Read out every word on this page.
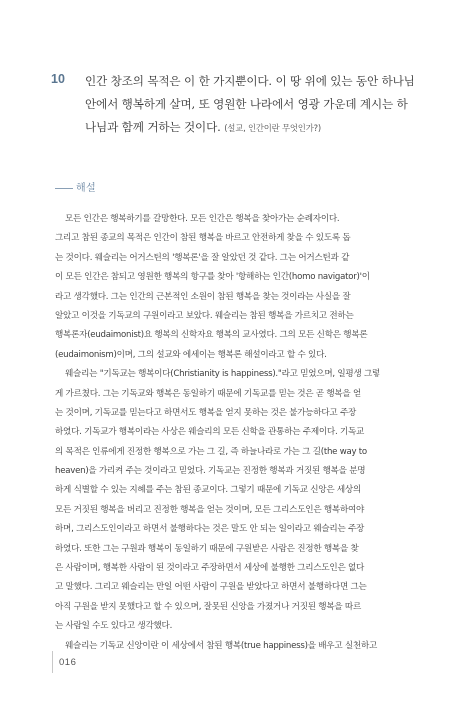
10 인간 창조의 목적은 이 한 가지뿐이다. 이 땅 위에 있는 동안 하나님
안에서 행복하게 살며, 또 영원한 나라에서 영광 가운데 계시는 하
나님과 함께 거하는 것이다. (설교, 인간이란 무엇인가?)
해설
모든 인간은 행복하기를 갈망한다. 모든 인간은 행복을 찾아가는 순례자이다.
그리고 참된 종교의 목적은 인간이 참된 행복을 바르고 안전하게 찾을 수 있도록 돕
는 것이다. 웨슬리는 어거스틴의 '행복론'을 잘 알았던 것 같다. 그는 어거스틴과 같
이 모든 인간은 참되고 영원한 행복의 항구를 찾아 '항해하는 인간(homo navigator)'이
라고 생각했다. 그는 인간의 근본적인 소원이 참된 행복을 찾는 것이라는 사실을 잘
알았고 이것을 기독교의 구원이라고 보았다. 웨슬리는 참된 행복을 가르치고 전하는
행복론자(eudaimonist)요 행복의 신학자요 행복의 교사였다. 그의 모든 신학은 행복론
(eudaimonism)이며, 그의 설교와 에세이는 행복론 해설이라고 할 수 있다.
웨슬리는 "기독교는 행복이다(Christianity is happiness)."라고 믿었으며, 일평생 그렇
게 가르쳤다. 그는 기독교와 행복은 동일하기 때문에 기독교를 믿는 것은 곧 행복을 얻
는 것이며, 기독교를 믿는다고 하면서도 행복을 얻지 못하는 것은 불가능하다고 주장
하였다. 기독교가 행복이라는 사상은 웨슬리의 모든 신학을 관통하는 주제이다. 기독교
의 목적은 인류에게 진정한 행복으로 가는 그 길, 즉 하늘나라로 가는 그 길(the way to
heaven)을 가리켜 주는 것이라고 믿었다. 기독교는 진정한 행복과 거짓된 행복을 분명
하게 식별할 수 있는 지혜를 주는 참된 종교이다. 그렇기 때문에 기독교 신앙은 세상의
모든 거짓된 행복을 버리고 진정한 행복을 얻는 것이며, 모든 그리스도인은 행복하여야
하며, 그리스도인이라고 하면서 불행하다는 것은 말도 안 되는 일이라고 웨슬리는 주장
하였다. 또한 그는 구원과 행복이 동일하기 때문에 구원받은 사람은 진정한 행복을 찾
은 사람이며, 행복한 사람이 된 것이라고 주장하면서 세상에 불행한 그리스도인은 없다
고 말했다. 그리고 웨슬리는 만일 어떤 사람이 구원을 받았다고 하면서 불행하다면 그는
아직 구원을 받지 못했다고 할 수 있으며, 잘못된 신앙을 가졌거나 거짓된 행복을 따르
는 사람일 수도 있다고 생각했다.
웨슬리는 기독교 신앙이란 이 세상에서 참된 행복(true happiness)을 배우고 실천하고
016
